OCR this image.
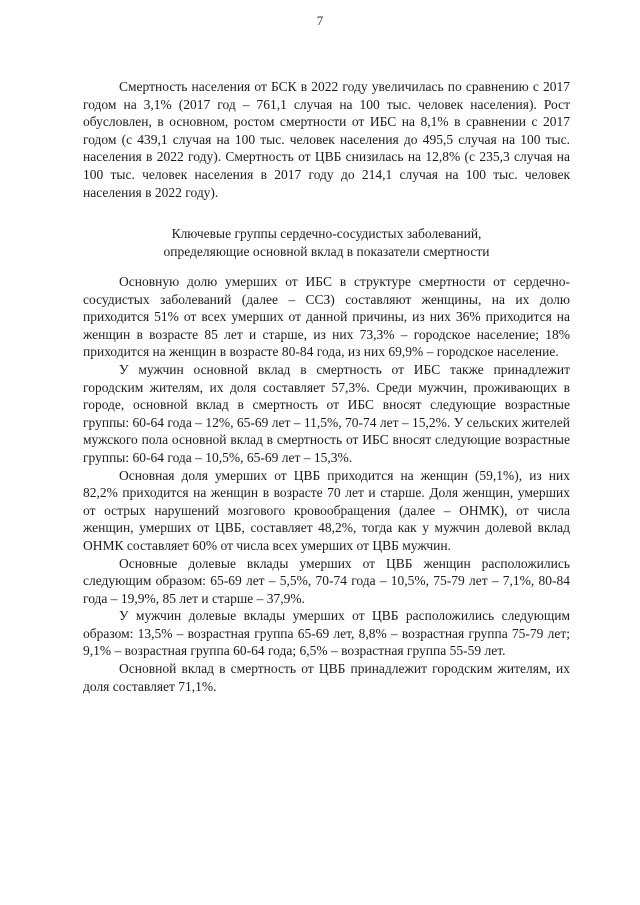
7

Смертность населения от БСК в 2022 году увеличилась по сравнению с 2017 годом на 3,1% (2017 год – 761,1 случая на 100 тыс. человек населения). Рост обусловлен, в основном, ростом смертности от ИБС на 8,1% в сравнении с 2017 годом (с 439,1 случая на 100 тыс. человек населения до 495,5 случая на 100 тыс. населения в 2022 году). Смертность от ЦВБ снизилась на 12,8% (с 235,3 случая на 100 тыс. человек населения в 2017 году до 214,1 случая на 100 тыс. человек населения в 2022 году).

Ключевые группы сердечно-сосудистых заболеваний,
определяющие основной вклад в показатели смертности

Основную долю умерших от ИБС в структуре смертности от сердечно-сосудистых заболеваний (далее – ССЗ) составляют женщины, на их долю приходится 51% от всех умерших от данной причины, из них 36% приходится на женщин в возрасте 85 лет и старше, из них 73,3% – городское население; 18% приходится на женщин в возрасте 80-84 года, из них 69,9% – городское население.

У мужчин основной вклад в смертность от ИБС также принадлежит городским жителям, их доля составляет 57,3%. Среди мужчин, проживающих в городе, основной вклад в смертность от ИБС вносят следующие возрастные группы: 60-64 года – 12%, 65-69 лет – 11,5%, 70-74 лет – 15,2%. У сельских жителей мужского пола основной вклад в смертность от ИБС вносят следующие возрастные группы: 60-64 года – 10,5%, 65-69 лет – 15,3%.

Основная доля умерших от ЦВБ приходится на женщин (59,1%), из них 82,2% приходится на женщин в возрасте 70 лет и старше. Доля женщин, умерших от острых нарушений мозгового кровообращения (далее – ОНМК), от числа женщин, умерших от ЦВБ, составляет 48,2%, тогда как у мужчин долевой вклад ОНМК составляет 60% от числа всех умерших от ЦВБ мужчин.

Основные долевые вклады умерших от ЦВБ женщин расположились следующим образом: 65-69 лет – 5,5%, 70-74 года – 10,5%, 75-79 лет – 7,1%, 80-84 года – 19,9%, 85 лет и старше – 37,9%.

У мужчин долевые вклады умерших от ЦВБ расположились следующим образом: 13,5% – возрастная группа 65-69 лет, 8,8% – возрастная группа 75-79 лет; 9,1% – возрастная группа 60-64 года; 6,5% – возрастная группа 55-59 лет.

Основной вклад в смертность от ЦВБ принадлежит городским жителям, их доля составляет 71,1%.
